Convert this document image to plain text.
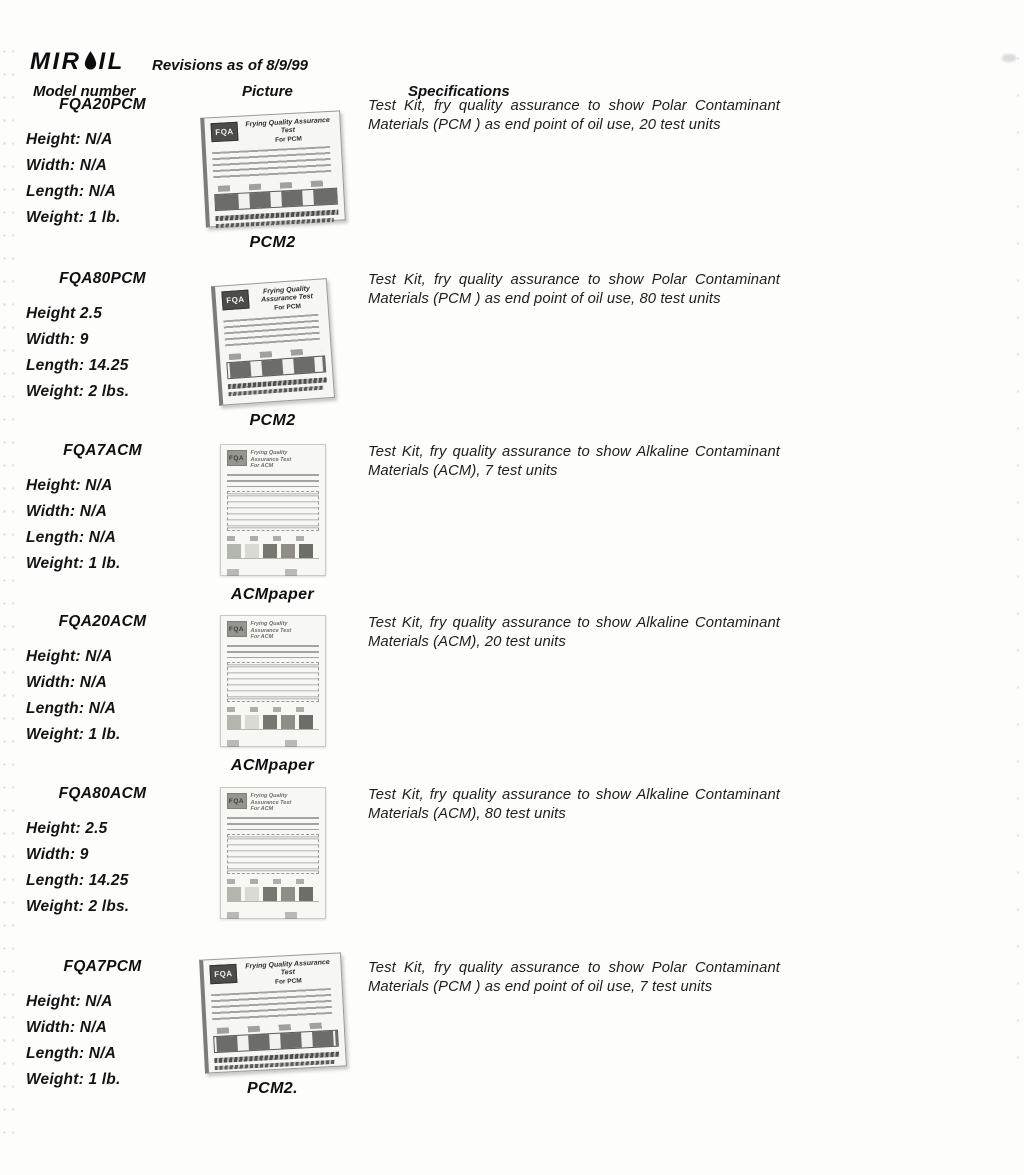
MIR IL Revisions as of 8/9/99
Model number	Picture	Specifications
FQA20PCM
Height: N/A
Width: N/A
Length: N/A
Weight: 1 lb.
FQA
Frying Quality Assurance Test
For PCM
PCM2

Test Kit, fry quality assurance to show Polar Contaminant Materials (PCM ) as end point of oil use, 20 test units

FQA80PCM
Height 2.5
Width: 9
Length: 14.25
Weight: 2 lbs.
FQA
Frying Quality Assurance Test
For PCM
PCM2

Test Kit, fry quality assurance to show Polar Contaminant Materials (PCM ) as end point of oil use, 80 test units

FQA7ACM
Height: N/A
Width: N/A
Length: N/A
Weight: 1 lb.
FQA
Frying Quality
Assurance Test
For ACM
ACMpaper

Test Kit, fry quality assurance to show Alkaline Contaminant Materials (ACM), 7 test units

FQA20ACM
Height: N/A
Width: N/A
Length: N/A
Weight: 1 lb.
FQA
Frying Quality
Assurance Test
For ACM
ACMpaper

Test Kit, fry quality assurance to show Alkaline Contaminant Materials (ACM), 20 test units

FQA80ACM
Height: 2.5
Width: 9
Length: 14.25
Weight: 2 lbs.
FQA
Frying Quality
Assurance Test
For ACM

Test Kit, fry quality assurance to show Alkaline Contaminant Materials (ACM), 80 test units

FQA7PCM
Height: N/A
Width: N/A
Length: N/A
Weight: 1 lb.
FQA
Frying Quality Assurance Test
For PCM
PCM2.

Test Kit, fry quality assurance to show Polar Contaminant Materials (PCM ) as end point of oil use, 7 test units
